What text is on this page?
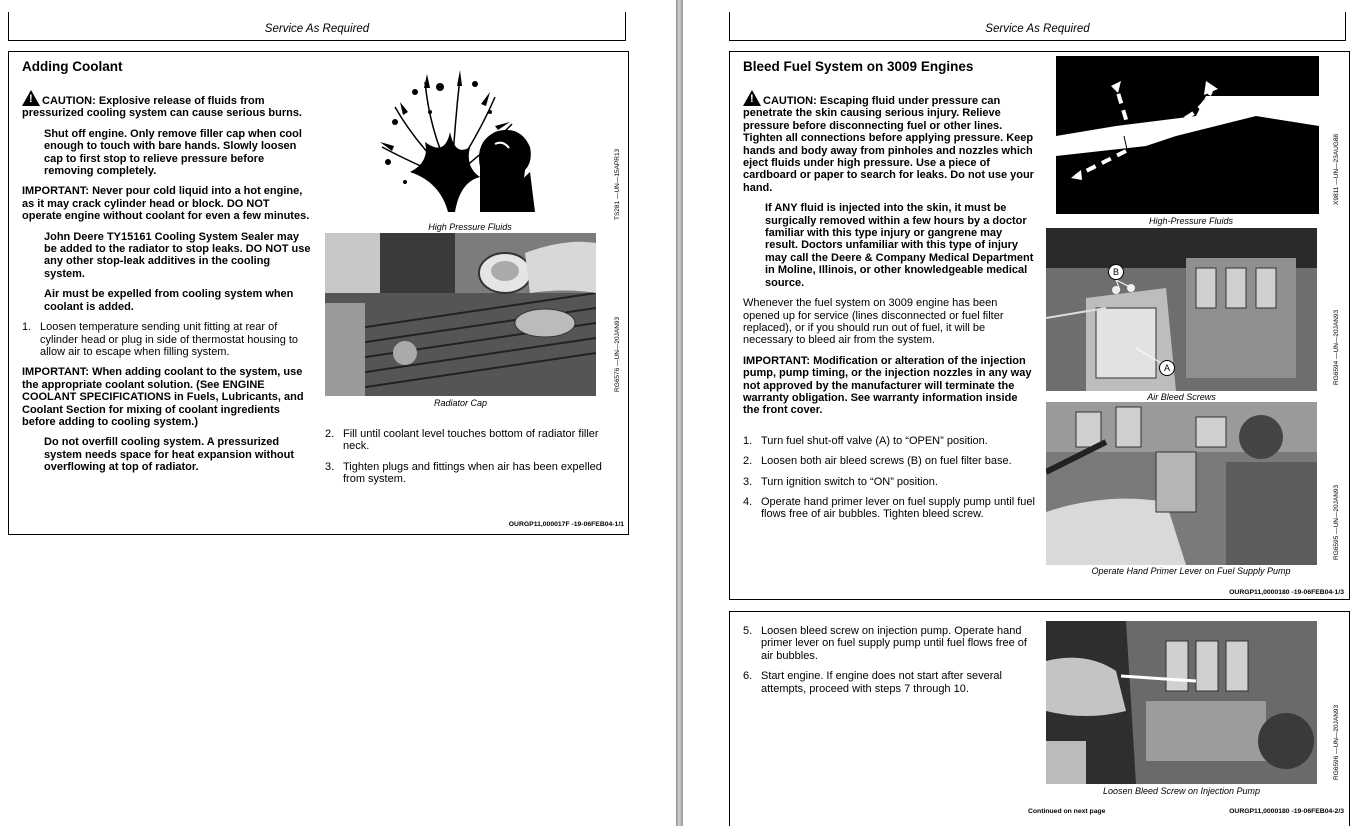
Service As Required
Adding Coolant
!CAUTION: Explosive release of fluids from pressurized cooling system can cause serious burns.
Shut off engine. Only remove filler cap when cool enough to touch with bare hands. Slowly loosen cap to first stop to relieve pressure before removing completely.
IMPORTANT: Never pour cold liquid into a hot engine, as it may crack cylinder head or block. DO NOT operate engine without coolant for even a few minutes.
John Deere TY15161 Cooling System Sealer may be added to the radiator to stop leaks. DO NOT use any other stop-leak additives in the cooling system.
Air must be expelled from cooling system when coolant is added.
1. Loosen temperature sending unit fitting at rear of cylinder head or plug in side of thermostat housing to allow air to escape when filling system.
IMPORTANT: When adding coolant to the system, use the appropriate coolant solution. (See ENGINE COOLANT SPECIFICATIONS in Fuels, Lubricants, and Coolant Section for mixing of coolant ingredients before adding to cooling system.)
Do not overfill cooling system. A pressurized system needs space for heat expansion without overflowing at top of radiator.
High Pressure Fluids
TS281 —UN—15APR13
Radiator Cap
RG6576 —UN—20JAN93
2. Fill until coolant level touches bottom of radiator filler neck.
3. Tighten plugs and fittings when air has been expelled from system.
OURGP11,000017F -19-06FEB04-1/1
Service As Required
Bleed Fuel System on 3009 Engines
!CAUTION: Escaping fluid under pressure can penetrate the skin causing serious injury. Relieve pressure before disconnecting fuel or other lines. Tighten all connections before applying pressure. Keep hands and body away from pinholes and nozzles which eject fluids under high pressure. Use a piece of cardboard or paper to search for leaks. Do not use your hand.
If ANY fluid is injected into the skin, it must be surgically removed within a few hours by a doctor familiar with this type injury or gangrene may result. Doctors unfamiliar with this type of injury may call the Deere & Company Medical Department in Moline, Illinois, or other knowledgeable medical source.
Whenever the fuel system on 3009 engine has been opened up for service (lines disconnected or fuel filter replaced), or if you should run out of fuel, it will be necessary to bleed air from the system.
IMPORTANT: Modification or alteration of the injection pump, pump timing, or the injection nozzles in any way not approved by the manufacturer will terminate the warranty obligation. See warranty information inside the front cover.
1. Turn fuel shut-off valve (A) to “OPEN” position.
2. Loosen both air bleed screws (B) on fuel filter base.
3. Turn ignition switch to “ON” position.
4. Operate hand primer lever on fuel supply pump until fuel flows free of air bubbles. Tighten bleed screw.
High-Pressure Fluids
X9811 —UN—23AUG88
B
A
Air Bleed Screws
RG6594 —UN—20JAN93
Operate Hand Primer Lever on Fuel Supply Pump
RG6595 —UN—20JAN93
OURGP11,0000180 -19-06FEB04-1/3
5. Loosen bleed screw on injection pump. Operate hand primer lever on fuel supply pump until fuel flows free of air bubbles.
6. Start engine. If engine does not start after several attempts, proceed with steps 7 through 10.
Loosen Bleed Screw on Injection Pump
RG6596 —UN—20JAN93
Continued on next page	OURGP11,0000180 -19-06FEB04-2/3
